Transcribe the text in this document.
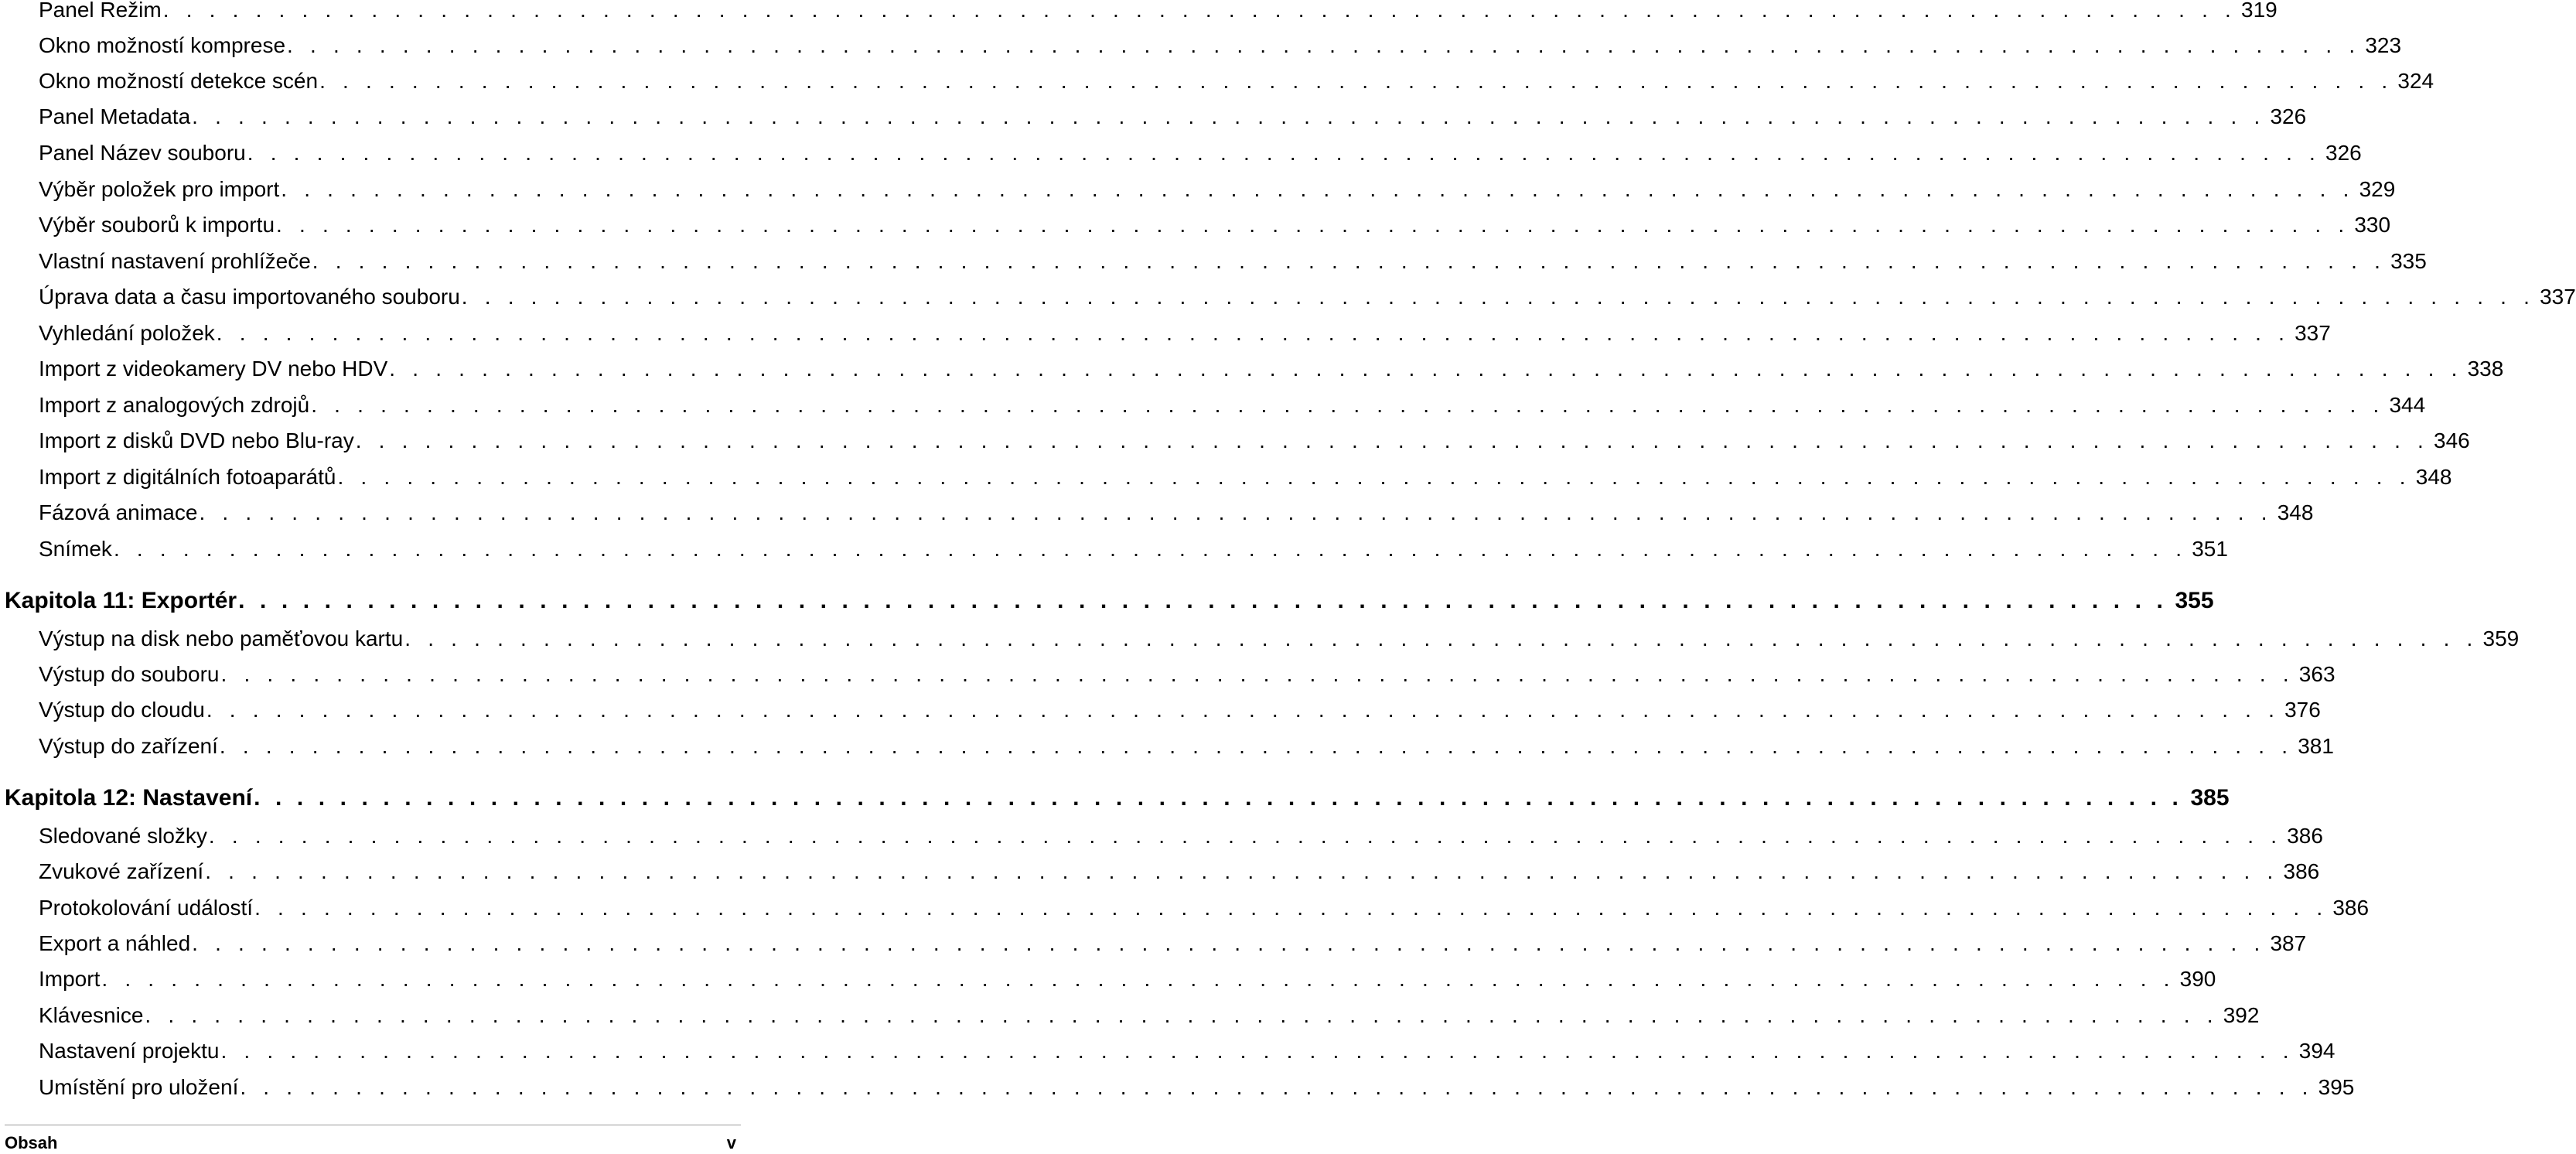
Panel Režim . . . . . . . . . . . . . . . . . . . . . . . . . . . . . . . . . . . . . . . . . . . . . . . . . . . . . . . . . . . . . . . . . . . . . . . . . . . . . . . . . . . . . . . . . . 319
Okno možností komprese . . . . . . . . . . . . . . . . . . . . . . . . . . . . . . . . . . . . . . . . . . . . . . . . . . . . . . . . . . . . . . . . . . . . . . . . . . . . . . . . . . . . . . . . . . 323
Okno možností detekce scén . . . . . . . . . . . . . . . . . . . . . . . . . . . . . . . . . . . . . . . . . . . . . . . . . . . . . . . . . . . . . . . . . . . . . . . . . . . . . . . . . . . . . . . . . . 324
Panel Metadata . . . . . . . . . . . . . . . . . . . . . . . . . . . . . . . . . . . . . . . . . . . . . . . . . . . . . . . . . . . . . . . . . . . . . . . . . . . . . . . . . . . . . . . . . . 326
Panel Název souboru . . . . . . . . . . . . . . . . . . . . . . . . . . . . . . . . . . . . . . . . . . . . . . . . . . . . . . . . . . . . . . . . . . . . . . . . . . . . . . . . . . . . . . . . . . 326
Výběr položek pro import . . . . . . . . . . . . . . . . . . . . . . . . . . . . . . . . . . . . . . . . . . . . . . . . . . . . . . . . . . . . . . . . . . . . . . . . . . . . . . . . . . . . . . . . . . 329
Výběr souborů k importu . . . . . . . . . . . . . . . . . . . . . . . . . . . . . . . . . . . . . . . . . . . . . . . . . . . . . . . . . . . . . . . . . . . . . . . . . . . . . . . . . . . . . . . . . . 330
Vlastní nastavení prohlížeče . . . . . . . . . . . . . . . . . . . . . . . . . . . . . . . . . . . . . . . . . . . . . . . . . . . . . . . . . . . . . . . . . . . . . . . . . . . . . . . . . . . . . . . . . . 335
Úprava data a času importovaného souboru . . . . . . . . . . . . . . . . . . . . . . . . . . . . . . . . . . . . . . . . . . . . . . . . . . . . . . . . . . . . . . . . . . . . . . . . . . . . . . . . . . . . . . . . . . 337
Vyhledání položek . . . . . . . . . . . . . . . . . . . . . . . . . . . . . . . . . . . . . . . . . . . . . . . . . . . . . . . . . . . . . . . . . . . . . . . . . . . . . . . . . . . . . . . . . . 337
Import z videokamery DV nebo HDV . . . . . . . . . . . . . . . . . . . . . . . . . . . . . . . . . . . . . . . . . . . . . . . . . . . . . . . . . . . . . . . . . . . . . . . . . . . . . . . . . . . . . . . . . . 338
Import z analogových zdrojů . . . . . . . . . . . . . . . . . . . . . . . . . . . . . . . . . . . . . . . . . . . . . . . . . . . . . . . . . . . . . . . . . . . . . . . . . . . . . . . . . . . . . . . . . . 344
Import z disků DVD nebo Blu-ray . . . . . . . . . . . . . . . . . . . . . . . . . . . . . . . . . . . . . . . . . . . . . . . . . . . . . . . . . . . . . . . . . . . . . . . . . . . . . . . . . . . . . . . . . . 346
Import z digitálních fotoaparátů . . . . . . . . . . . . . . . . . . . . . . . . . . . . . . . . . . . . . . . . . . . . . . . . . . . . . . . . . . . . . . . . . . . . . . . . . . . . . . . . . . . . . . . . . . 348
Fázová animace . . . . . . . . . . . . . . . . . . . . . . . . . . . . . . . . . . . . . . . . . . . . . . . . . . . . . . . . . . . . . . . . . . . . . . . . . . . . . . . . . . . . . . . . . . 348
Snímek . . . . . . . . . . . . . . . . . . . . . . . . . . . . . . . . . . . . . . . . . . . . . . . . . . . . . . . . . . . . . . . . . . . . . . . . . . . . . . . . . . . . . . . . . . 351
Kapitola 11: Exportér . . . . . . . . . . . . . . . . . . . . . . . . . . . . . . . . . . . . . . . . . . . . . . . . . . . . . . . . . . . . . . . . . . . . . . . . . . . . . . . . . . . . . . . . . . 355
Výstup na disk nebo paměťovou kartu . . . . . . . . . . . . . . . . . . . . . . . . . . . . . . . . . . . . . . . . . . . . . . . . . . . . . . . . . . . . . . . . . . . . . . . . . . . . . . . . . . . . . . . . . . 359
Výstup do souboru . . . . . . . . . . . . . . . . . . . . . . . . . . . . . . . . . . . . . . . . . . . . . . . . . . . . . . . . . . . . . . . . . . . . . . . . . . . . . . . . . . . . . . . . . . 363
Výstup do cloudu . . . . . . . . . . . . . . . . . . . . . . . . . . . . . . . . . . . . . . . . . . . . . . . . . . . . . . . . . . . . . . . . . . . . . . . . . . . . . . . . . . . . . . . . . . 376
Výstup do zařízení . . . . . . . . . . . . . . . . . . . . . . . . . . . . . . . . . . . . . . . . . . . . . . . . . . . . . . . . . . . . . . . . . . . . . . . . . . . . . . . . . . . . . . . . . . 381
Kapitola 12: Nastavení . . . . . . . . . . . . . . . . . . . . . . . . . . . . . . . . . . . . . . . . . . . . . . . . . . . . . . . . . . . . . . . . . . . . . . . . . . . . . . . . . . . . . . . . . . 385
Sledované složky . . . . . . . . . . . . . . . . . . . . . . . . . . . . . . . . . . . . . . . . . . . . . . . . . . . . . . . . . . . . . . . . . . . . . . . . . . . . . . . . . . . . . . . . . . 386
Zvukové zařízení . . . . . . . . . . . . . . . . . . . . . . . . . . . . . . . . . . . . . . . . . . . . . . . . . . . . . . . . . . . . . . . . . . . . . . . . . . . . . . . . . . . . . . . . . . 386
Protokolování událostí . . . . . . . . . . . . . . . . . . . . . . . . . . . . . . . . . . . . . . . . . . . . . . . . . . . . . . . . . . . . . . . . . . . . . . . . . . . . . . . . . . . . . . . . . . 386
Export a náhled . . . . . . . . . . . . . . . . . . . . . . . . . . . . . . . . . . . . . . . . . . . . . . . . . . . . . . . . . . . . . . . . . . . . . . . . . . . . . . . . . . . . . . . . . . 387
Import . . . . . . . . . . . . . . . . . . . . . . . . . . . . . . . . . . . . . . . . . . . . . . . . . . . . . . . . . . . . . . . . . . . . . . . . . . . . . . . . . . . . . . . . . . 390
Klávesnice . . . . . . . . . . . . . . . . . . . . . . . . . . . . . . . . . . . . . . . . . . . . . . . . . . . . . . . . . . . . . . . . . . . . . . . . . . . . . . . . . . . . . . . . . . 392
Nastavení projektu . . . . . . . . . . . . . . . . . . . . . . . . . . . . . . . . . . . . . . . . . . . . . . . . . . . . . . . . . . . . . . . . . . . . . . . . . . . . . . . . . . . . . . . . . . 394
Umístění pro uložení . . . . . . . . . . . . . . . . . . . . . . . . . . . . . . . . . . . . . . . . . . . . . . . . . . . . . . . . . . . . . . . . . . . . . . . . . . . . . . . . . . . . . . . . . . 395
Obsah	v
